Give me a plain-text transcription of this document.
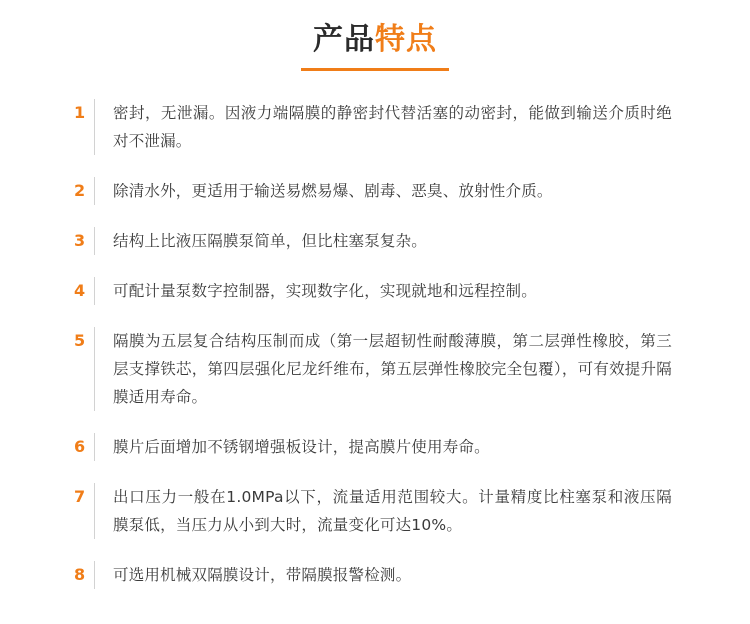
产品特点
1	密封，无泄漏。因液力端隔膜的静密封代替活塞的动密封，能做到输送介质时绝对不泄漏。
2	除清水外，更适用于输送易燃易爆、剧毒、恶臭、放射性介质。
3	结构上比液压隔膜泵简单，但比柱塞泵复杂。
4	可配计量泵数字控制器，实现数字化，实现就地和远程控制。
5	隔膜为五层复合结构压制而成（第一层超韧性耐酸薄膜，第二层弹性橡胶，第三层支撑铁芯，第四层强化尼龙纤维布，第五层弹性橡胶完全包覆），可有效提升隔膜适用寿命。
6	膜片后面增加不锈钢增强板设计，提高膜片使用寿命。
7	出口压力一般在1.0MPa以下，流量适用范围较大。计量精度比柱塞泵和液压隔膜泵低，当压力从小到大时，流量变化可达10%。
8	可选用机械双隔膜设计，带隔膜报警检测。
